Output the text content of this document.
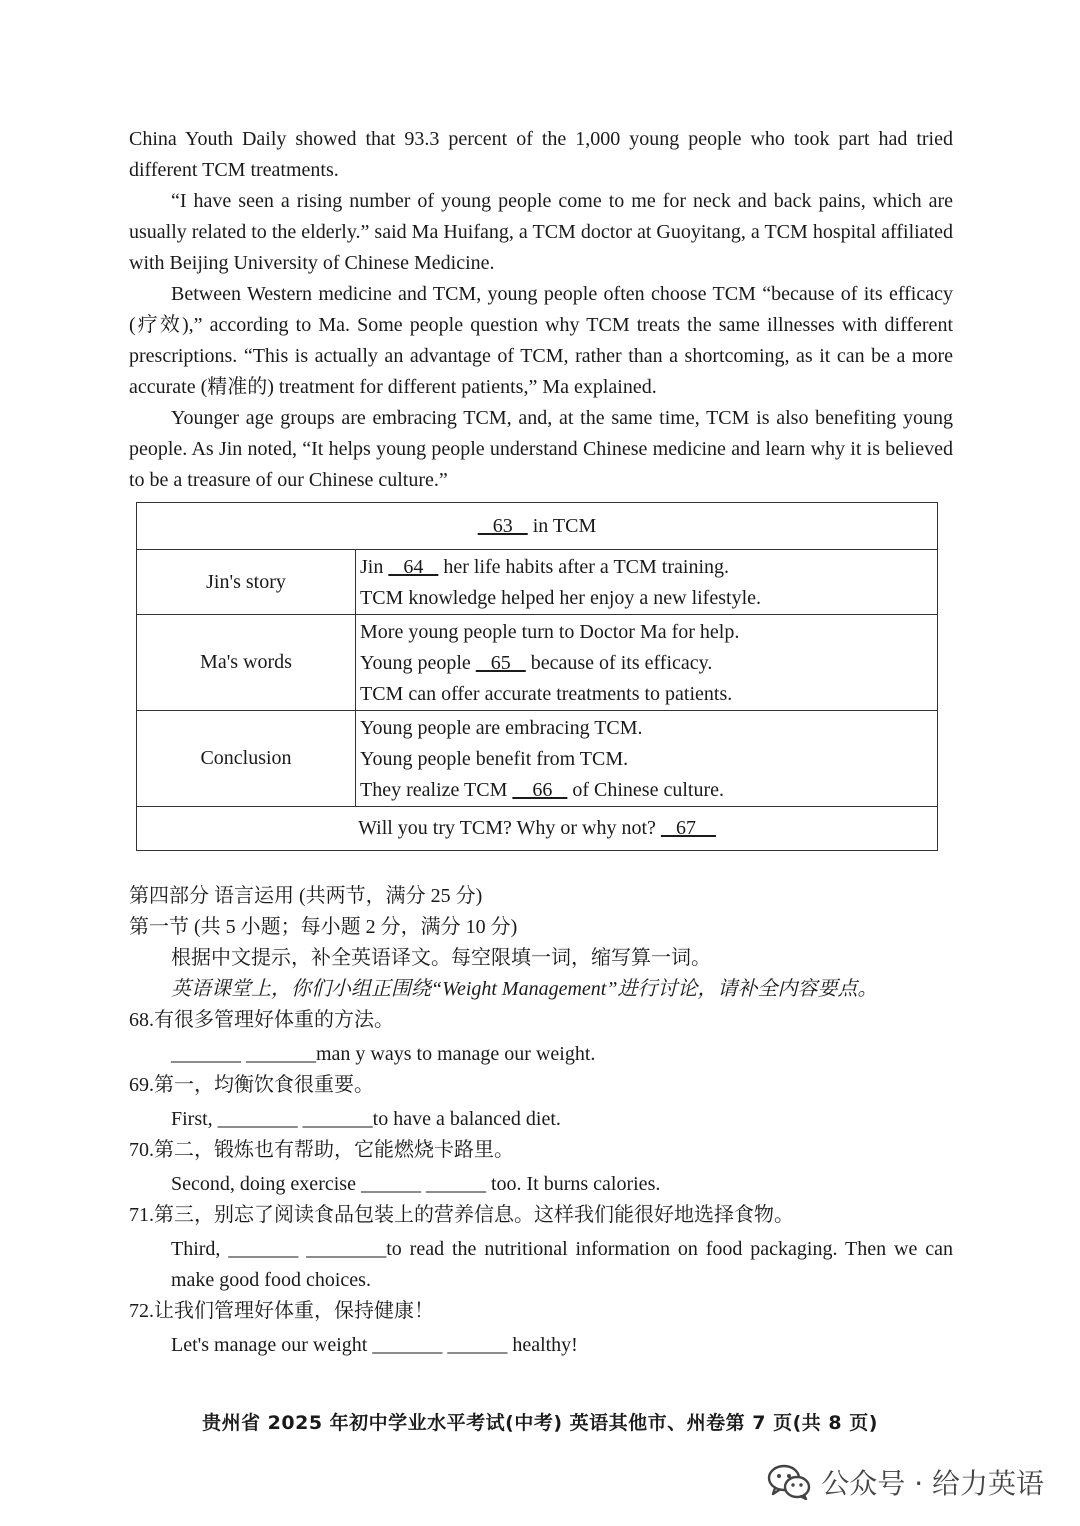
China Youth Daily showed that 93.3 percent of the 1,000 young people who took part had tried different TCM treatments.

“I have seen a rising number of young people come to me for neck and back pains, which are usually related to the elderly.” said Ma Huifang, a TCM doctor at Guoyitang, a TCM hospital affiliated with Beijing University of Chinese Medicine.

Between Western medicine and TCM, young people often choose TCM “because of its efficacy (疗效),” according to Ma. Some people question why TCM treats the same illnesses with different prescriptions. “This is actually an advantage of TCM, rather than a shortcoming, as it can be a more accurate (精准的) treatment for different patients,” Ma explained.

Younger age groups are embracing TCM, and, at the same time, TCM is also benefiting young people. As Jin noted, “It helps young people understand Chinese medicine and learn why it is believed to be a treasure of our Chinese culture.”

63    in TCM	
Jin's story	Jin    64    her life habits after a TCM training.
TCM knowledge helped her enjoy a new lifestyle.

Ma's words	More young people turn to Doctor Ma for help.
Young people    65    because of its efficacy.
TCM can offer accurate treatments to patients.

Conclusion	Young people are embracing TCM.
Young people benefit from TCM.
They realize TCM     66    of Chinese culture.

Will you try TCM? Why or why not?    67	
第四部分 语言运用 (共两节，满分 25 分)
第一节 (共 5 小题；每小题 2 分，满分 10 分)
根据中文提示，补全英语译文。每空限填一词，缩写算一词。
英语课堂上，你们小组正围绕“Weight Management”进行讨论，请补全内容要点。
68.有很多管理好体重的方法。
_______ _______man y ways to manage our weight.
69.第一，均衡饮食很重要。
First, ________ _______to have a balanced diet.
70.第二，锻炼也有帮助，它能燃烧卡路里。
Second, doing exercise ______ ______ too. It burns calories.
71.第三，别忘了阅读食品包装上的营养信息。这样我们能很好地选择食物。
Third, _______ ________to read the nutritional information on food packaging. Then we can make good food choices.
72.让我们管理好体重，保持健康！
Let's manage our weight _______ ______ healthy!
贵州省 2025 年初中学业水平考试(中考) 英语其他市、州卷第 7 页(共 8 页)
公众号 · 给力英语
